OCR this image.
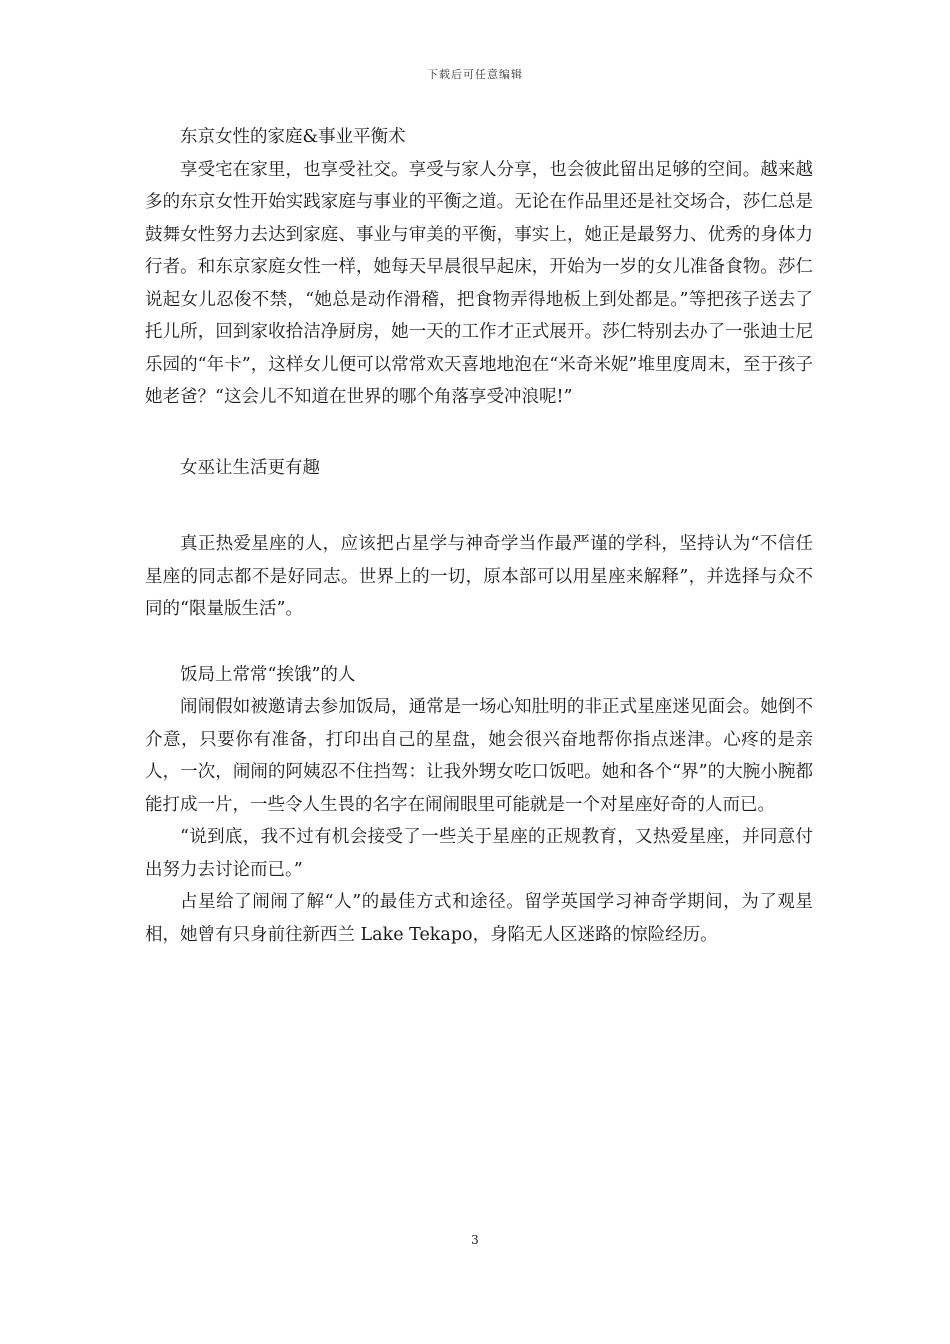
下载后可任意编辑

东京女性的家庭&事业平衡术

享受宅在家里，也享受社交。享受与家人分享，也会彼此留出足够的空间。越来越多的东京女性开始实践家庭与事业的平衡之道。无论在作品里还是社交场合，莎仁总是鼓舞女性努力去达到家庭、事业与审美的平衡，事实上，她正是最努力、优秀的身体力行者。和东京家庭女性一样，她每天早晨很早起床，开始为一岁的女儿准备食物。莎仁说起女儿忍俊不禁，“她总是动作滑稽，把食物弄得地板上到处都是。”等把孩子送去了托儿所，回到家收拾洁净厨房，她一天的工作才正式展开。莎仁特别去办了一张迪士尼乐园的“年卡”，这样女儿便可以常常欢天喜地地泡在“米奇米妮”堆里度周末，至于孩子她老爸？“这会儿不知道在世界的哪个角落享受冲浪呢!”

女巫让生活更有趣

真正热爱星座的人，应该把占星学与神奇学当作最严谨的学科，坚持认为“不信任星座的同志都不是好同志。世界上的一切，原本部可以用星座来解释”，并选择与众不同的“限量版生活”。

饭局上常常“挨饿”的人

闹闹假如被邀请去参加饭局，通常是一场心知肚明的非正式星座迷见面会。她倒不介意，只要你有准备，打印出自己的星盘，她会很兴奋地帮你指点迷津。心疼的是亲人，一次，闹闹的阿姨忍不住挡驾：让我外甥女吃口饭吧。她和各个“界”的大腕小腕都能打成一片，一些令人生畏的名字在闹闹眼里可能就是一个对星座好奇的人而已。

“说到底，我不过有机会接受了一些关于星座的正规教育，又热爱星座，并同意付出努力去讨论而已。”

占星给了闹闹了解“人”的最佳方式和途径。留学英国学习神奇学期间，为了观星相，她曾有只身前往新西兰 Lake Tekapo，身陷无人区迷路的惊险经历。

3
